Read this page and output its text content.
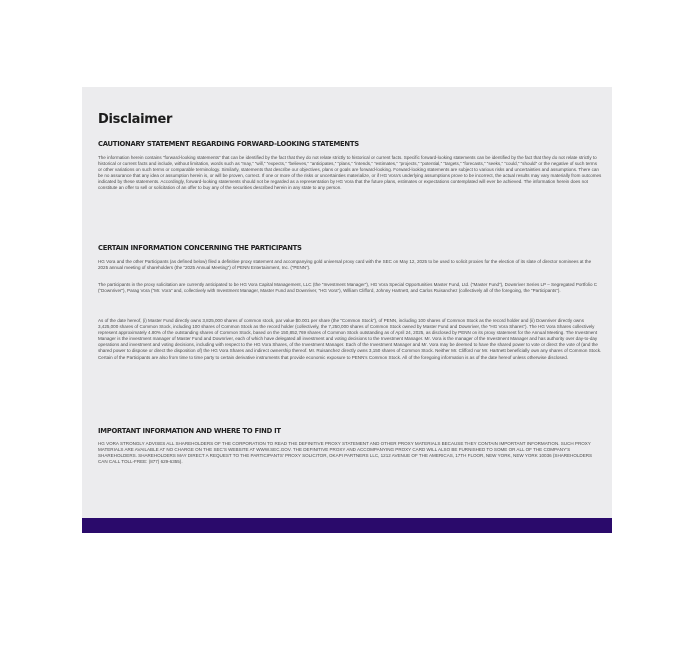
Disclaimer
CAUTIONARY STATEMENT REGARDING FORWARD-LOOKING STATEMENTS
The information herein contains “forward-looking statements” that can be identified by the fact that they do not relate strictly to historical or current facts. Specific forward-looking statements can be identified by the fact that they do not relate strictly to historical or current facts and include, without limitation, words such as “may,” “will,” “expects,” “believes,” “anticipates,” “plans,” “intends,” “estimates,” “projects,” “potential,” “targets,” “forecasts,” “seeks,” “could,” “should” or the negative of such terms or other variations on such terms or comparable terminology. Similarly, statements that describe our objectives, plans or goals are forward-looking. Forward-looking statements are subject to various risks and uncertainties and assumptions. There can be no assurance that any idea or assumption herein is, or will be proven, correct. If one or more of the risks or uncertainties materialize, or if HG Vora’s underlying assumptions prove to be incorrect, the actual results may vary materially from outcomes indicated by these statements. Accordingly, forward-looking statements should not be regarded as a representation by HG Vora that the future plans, estimates or expectations contemplated will ever be achieved. The information herein does not constitute an offer to sell or solicitation of an offer to buy any of the securities described herein in any state to any person.
CERTAIN INFORMATION CONCERNING THE PARTICIPANTS
HG Vora and the other Participants (as defined below) filed a definitive proxy statement and accompanying gold universal proxy card with the SEC on May 12, 2025 to be used to solicit proxies for the election of its slate of director nominees at the 2025 annual meeting of shareholders (the “2025 Annual Meeting”) of PENN Entertainment, Inc. (“PENN”).
The participants in the proxy solicitation are currently anticipated to be HG Vora Capital Management, LLC (the “Investment Manager”), HG Vora Special Opportunities Master Fund, Ltd. (“Master Fund”), Downriver Series LP – Segregated Portfolio C (“Downriver”), Parag Vora (“Mr. Vora” and, collectively with Investment Manager, Master Fund and Downriver, “HG Vora”), William Clifford, Johnny Hartnett, and Carlos Ruisanchez (collectively all of the foregoing, the “Participants”).
As of the date hereof, (i) Master Fund directly owns 3,825,000 shares of common stock, par value $0.001 per share (the “Common Stock”), of PENN, including 100 shares of Common Stock as the record holder and (ii) Downriver directly owns 3,425,000 shares of Common Stock, including 100 shares of Common Stock as the record holder (collectively, the 7,250,000 shares of Common Stock owned by Master Fund and Downriver, the “HG Vora Shares”). The HG Vora Shares collectively represent approximately 4.80% of the outstanding shares of Common Stock, based on the 150,852,769 shares of Common Stock outstanding as of April 24, 2025, as disclosed by PENN on its proxy statement for the Annual Meeting. The Investment Manager is the investment manager of Master Fund and Downriver, each of which have delegated all investment and voting decisions to the Investment Manager. Mr. Vora is the manager of the Investment Manager and has authority over day-to-day operations and investment and voting decisions, including with respect to the HG Vora Shares, of the Investment Manager. Each of the Investment Manager and Mr. Vora may be deemed to have the shared power to vote or direct the vote of (and the shared power to dispose or direct the disposition of) the HG Vora Shares and indirect ownership thereof. Mr. Ruisanchez directly owns 3,150 shares of Common Stock. Neither Mr. Clifford nor Mr. Hartnett beneficially own any shares of Common Stock. Certain of the Participants are also from time to time party to certain derivative instruments that provide economic exposure to PENN’s Common Stock. All of the foregoing information is as of the date hereof unless otherwise disclosed.
IMPORTANT INFORMATION AND WHERE TO FIND IT
HG VORA STRONGLY ADVISES ALL SHAREHOLDERS OF THE CORPORATION TO READ THE DEFINITIVE PROXY STATEMENT AND OTHER PROXY MATERIALS BECAUSE THEY CONTAIN IMPORTANT INFORMATION. SUCH PROXY MATERIALS ARE AVAILABLE AT NO CHARGE ON THE SEC’S WEBSITE AT WWW.SEC.GOV. THE DEFINITIVE PROXY AND ACCOMPANYING PROXY CARD WILL ALSO BE FURNISHED TO SOME OR ALL OF THE COMPANY’S SHAREHOLDERS. SHAREHOLDERS MAY DIRECT A REQUEST TO THE PARTICIPANTS’ PROXY SOLICITOR, OKAPI PARTNERS LLC, 1212 AVENUE OF THE AMERICAS, 17TH FLOOR, NEW YORK, NEW YORK 10036 (SHAREHOLDERS CAN CALL TOLL-FREE: (877) 629-6355).
